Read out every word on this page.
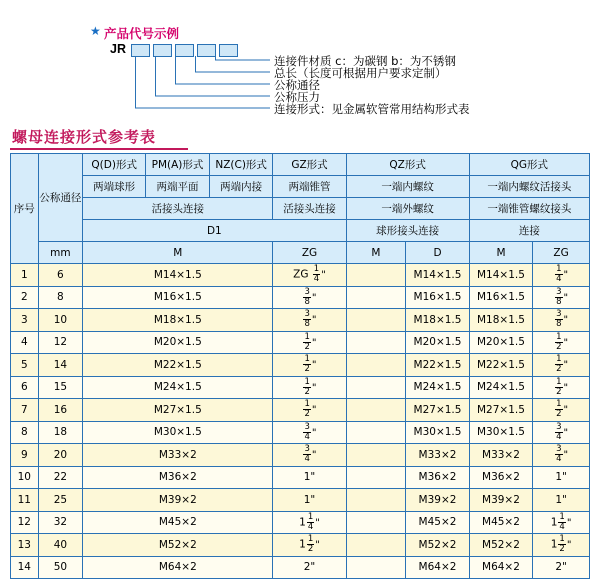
★ 产品代号示例
JR
连接件材质 c：为碳钢 b：为不锈钢
总长（长度可根据用户要求定制）
公称通径
公称压力
连接形式：见金属软管常用结构形式表
螺母连接形式参考表
序号	公称通径	Q(D)形式	PM(A)形式	NZ(C)形式	GZ形式	QZ形式		QG形式	
		两端球形	两端平面	两端内接	两端锥管	一端内螺纹		一端内螺纹活接头	
		活接头连接			活接头连接	一端外螺纹		一端锥管螺纹接头	
		D1				球形接头连接		连接	
	mm	M			ZG	M	D	M	ZG
1	6	M14×1.5			ZG $\frac{1}{4}$ "		M14×1.5	M14×1.5	$\frac{1}{4}$ "
2	8	M16×1.5			$\frac{3}{8}$ "		M16×1.5	M16×1.5	$\frac{3}{8}$ "
3	10	M18×1.5			$\frac{3}{8}$ "		M18×1.5	M18×1.5	$\frac{3}{8}$ "
4	12	M20×1.5			$\frac{1}{2}$ "		M20×1.5	M20×1.5	$\frac{1}{2}$ "
5	14	M22×1.5			$\frac{1}{2}$ "		M22×1.5	M22×1.5	$\frac{1}{2}$ "
6	15	M24×1.5			$\frac{1}{2}$ "		M24×1.5	M24×1.5	$\frac{1}{2}$ "
7	16	M27×1.5			$\frac{1}{2}$ "		M27×1.5	M27×1.5	$\frac{1}{2}$ "
8	18	M30×1.5			$\frac{3}{4}$ "		M30×1.5	M30×1.5	$\frac{3}{4}$ "
9	20	M33×2			$\frac{3}{4}$ "		M33×2	M33×2	$\frac{3}{4}$ "
10	22	M36×2			1"		M36×2	M36×2	1"
11	25	M39×2			1"		M39×2	M39×2	1"
12	32	M45×2			$1 \frac{1}{4}$ "		M45×2	M45×2	$1 \frac{1}{4}$ "
13	40	M52×2			$1 \frac{1}{2}$ "		M52×2	M52×2	$1 \frac{1}{2}$ "
14	50	M64×2			2"		M64×2	M64×2	2"
